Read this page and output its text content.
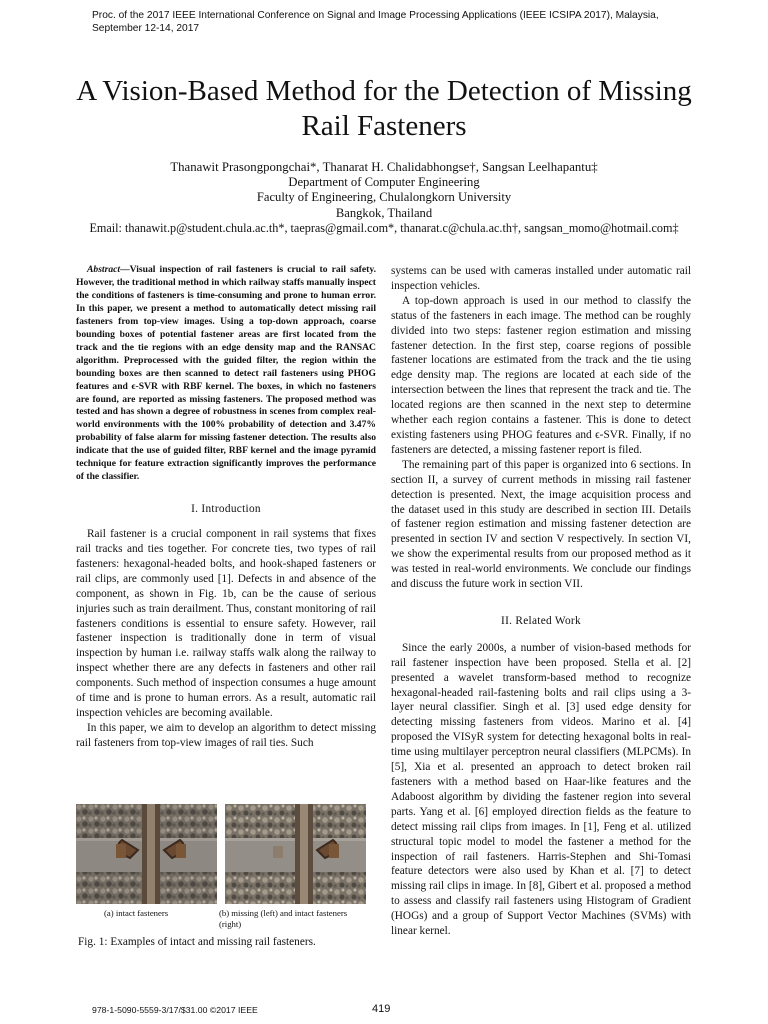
Proc. of the 2017 IEEE International Conference on Signal and Image Processing Applications (IEEE ICSIPA 2017), Malaysia, September 12-14, 2017
A Vision-Based Method for the Detection of Missing Rail Fasteners
Thanawit Prasongpongchai*, Thanarat H. Chalidabhongse†, Sangsan Leelhapantu‡
Department of Computer Engineering
Faculty of Engineering, Chulalongkorn University
Bangkok, Thailand
Email: thanawit.p@student.chula.ac.th*, taepras@gmail.com*, thanarat.c@chula.ac.th†, sangsan_momo@hotmail.com‡

Abstract—Visual inspection of rail fasteners is crucial to rail safety. However, the traditional method in which railway staffs manually inspect the conditions of fasteners is time-consuming and prone to human error. In this paper, we present a method to automatically detect missing rail fasteners from top-view images. Using a top-down approach, coarse bounding boxes of potential fastener areas are first located from the track and the tie regions with an edge density map and the RANSAC algorithm. Preprocessed with the guided filter, the region within the bounding boxes are then scanned to detect rail fasteners using PHOG features and ϵ-SVR with RBF kernel. The boxes, in which no fasteners are found, are reported as missing fasteners. The proposed method was tested and has shown a degree of robustness in scenes from complex real-world environments with the 100% probability of detection and 3.47% probability of false alarm for missing fastener detection. The results also indicate that the use of guided filter, RBF kernel and the image pyramid technique for feature extraction significantly improves the performance of the classifier.

I. Introduction

Rail fastener is a crucial component in rail systems that fixes rail tracks and ties together. For concrete ties, two types of rail fasteners: hexagonal-headed bolts, and hook-shaped fasteners or rail clips, are commonly used [1]. Defects in and absence of the component, as shown in Fig. 1b, can be the cause of serious injuries such as train derailment. Thus, constant monitoring of rail fasteners conditions is essential to ensure safety. However, rail fastener inspection is traditionally done in term of visual inspection by human i.e. railway staffs walk along the railway to inspect whether there are any defects in fasteners and other rail components. Such method of inspection consumes a huge amount of time and is prone to human errors. As a result, automatic rail inspection vehicles are becoming available.

In this paper, we aim to develop an algorithm to detect missing rail fasteners from top-view images of rail ties. Such

(a) intact fasteners	(b) missing (left) and intact fasteners (right)
Fig. 1: Examples of intact and missing rail fasteners.

systems can be used with cameras installed under automatic rail inspection vehicles.

A top-down approach is used in our method to classify the status of the fasteners in each image. The method can be roughly divided into two steps: fastener region estimation and missing fastener detection. In the first step, coarse regions of possible fastener locations are estimated from the track and the tie using edge density map. The regions are located at each side of the intersection between the lines that represent the track and tie. The located regions are then scanned in the next step to determine whether each region contains a fastener. This is done to detect existing fasteners using PHOG features and ϵ-SVR. Finally, if no fasteners are detected, a missing fastener report is filed.

The remaining part of this paper is organized into 6 sections. In section II, a survey of current methods in missing rail fastener detection is presented. Next, the image acquisition process and the dataset used in this study are described in section III. Details of fastener region estimation and missing fastener detection are presented in section IV and section V respectively. In section VI, we show the experimental results from our proposed method as it was tested in real-world environments. We conclude our findings and discuss the future work in section VII.

II. Related Work

Since the early 2000s, a number of vision-based methods for rail fastener inspection have been proposed. Stella et al. [2] presented a wavelet transform-based method to recognize hexagonal-headed rail-fastening bolts and rail clips using a 3-layer neural classifier. Singh et al. [3] used edge density for detecting missing fasteners from videos. Marino et al. [4] proposed the VISyR system for detecting hexagonal bolts in real-time using multilayer perceptron neural classifiers (MLPCMs). In [5], Xia et al. presented an approach to detect broken rail fasteners with a method based on Haar-like features and the Adaboost algorithm by dividing the fastener region into several parts. Yang et al. [6] employed direction fields as the feature to detect missing rail clips from images. In [1], Feng et al. utilized structural topic model to model the fastener a method for the inspection of rail fasteners. Harris-Stephen and Shi-Tomasi feature detectors were also used by Khan et al. [7] to detect missing rail clips in image. In [8], Gibert et al. proposed a method to assess and classify rail fasteners using Histogram of Gradient (HOGs) and a group of Support Vector Machines (SVMs) with linear kernel.

978-1-5090-5559-3/17/$31.00 ©2017 IEEE	419
